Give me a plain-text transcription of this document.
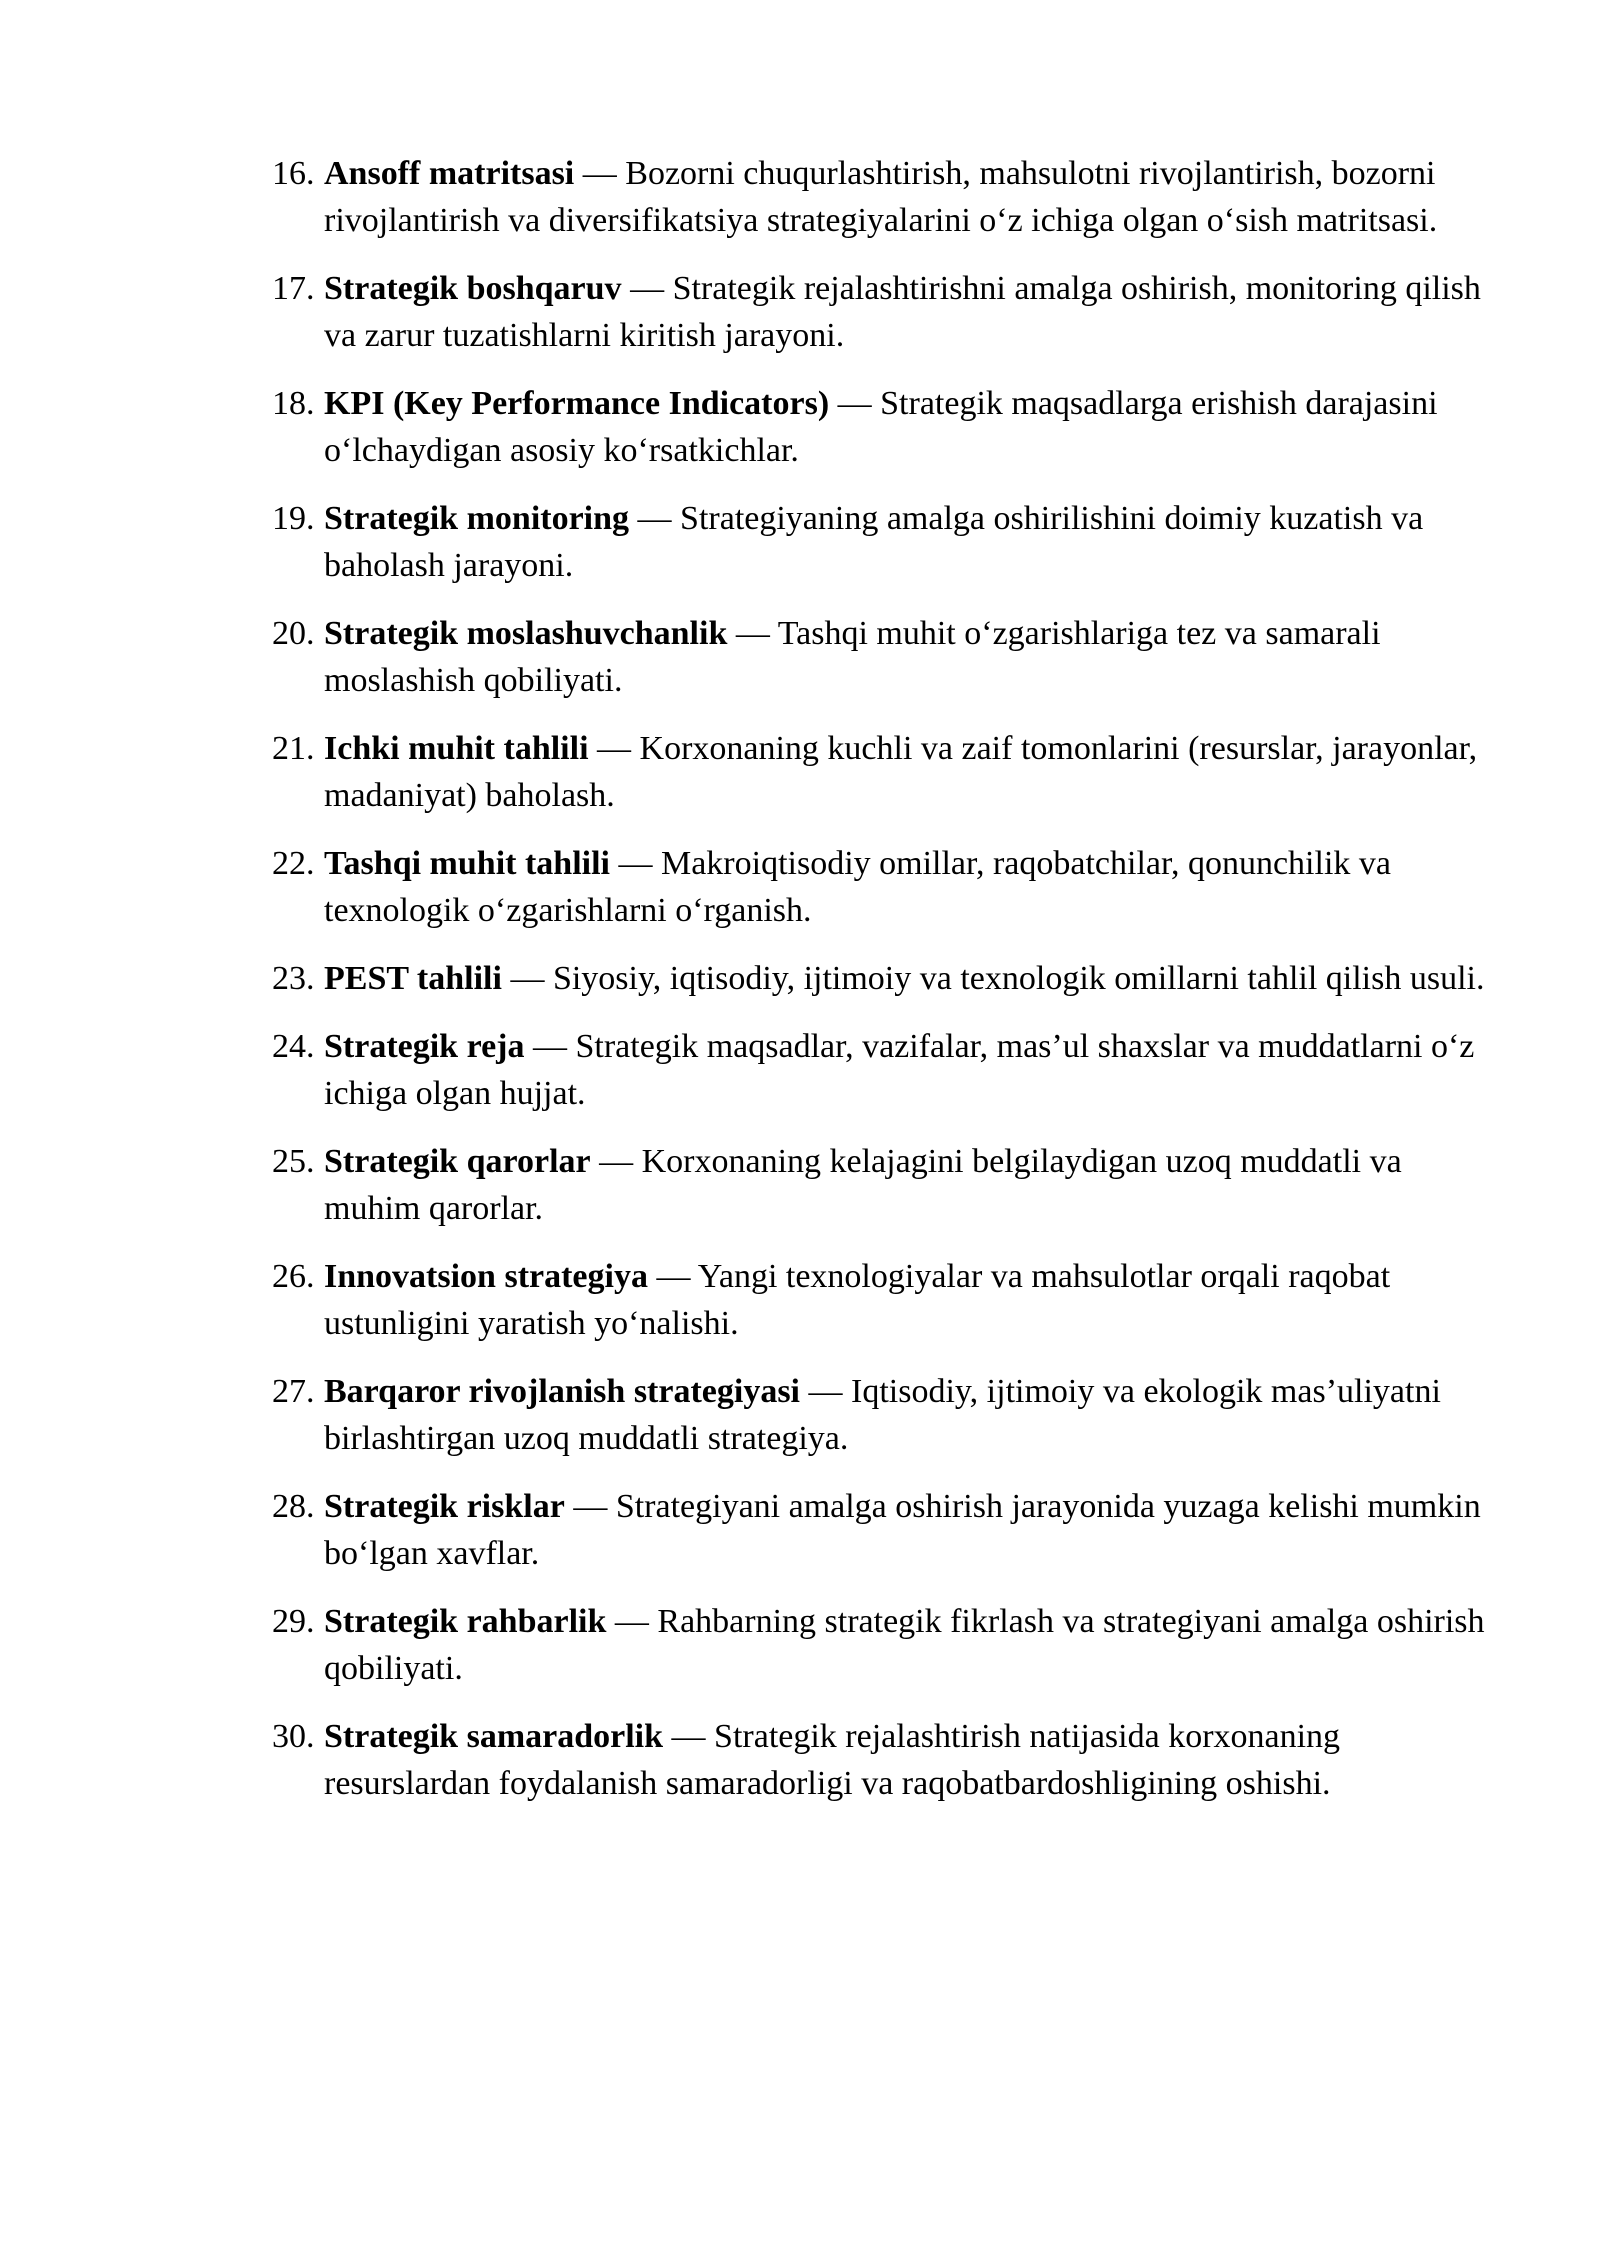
16. Ansoff matritsasi — Bozorni chuqurlashtirish, mahsulotni rivojlantirish, bozorni rivojlantirish va diversifikatsiya strategiyalarini o‘z ichiga olgan o‘sish matritsasi.
17. Strategik boshqaruv — Strategik rejalashtirishni amalga oshirish, monitoring qilish va zarur tuzatishlarni kiritish jarayoni.
18. KPI (Key Performance Indicators) — Strategik maqsadlarga erishish darajasini o‘lchaydigan asosiy ko‘rsatkichlar.
19. Strategik monitoring — Strategiyaning amalga oshirilishini doimiy kuzatish va baholash jarayoni.
20. Strategik moslashuvchanlik — Tashqi muhit o‘zgarishlariga tez va samarali moslashish qobiliyati.
21. Ichki muhit tahlili — Korxonaning kuchli va zaif tomonlarini (resurslar, jarayonlar, madaniyat) baholash.
22. Tashqi muhit tahlili — Makroiqtisodiy omillar, raqobatchilar, qonunchilik va texnologik o‘zgarishlarni o‘rganish.
23. PEST tahlili — Siyosiy, iqtisodiy, ijtimoiy va texnologik omillarni tahlil qilish usuli.
24. Strategik reja — Strategik maqsadlar, vazifalar, mas’ul shaxslar va muddatlarni o‘z ichiga olgan hujjat.
25. Strategik qarorlar — Korxonaning kelajagini belgilaydigan uzoq muddatli va muhim qarorlar.
26. Innovatsion strategiya — Yangi texnologiyalar va mahsulotlar orqali raqobat ustunligini yaratish yo‘nalishi.
27. Barqaror rivojlanish strategiyasi — Iqtisodiy, ijtimoiy va ekologik mas’uliyatni birlashtirgan uzoq muddatli strategiya.
28. Strategik risklar — Strategiyani amalga oshirish jarayonida yuzaga kelishi mumkin bo‘lgan xavflar.
29. Strategik rahbarlik — Rahbarning strategik fikrlash va strategiyani amalga oshirish qobiliyati.
30. Strategik samaradorlik — Strategik rejalashtirish natijasida korxonaning resurslardan foydalanish samaradorligi va raqobatbardoshligining oshishi.
